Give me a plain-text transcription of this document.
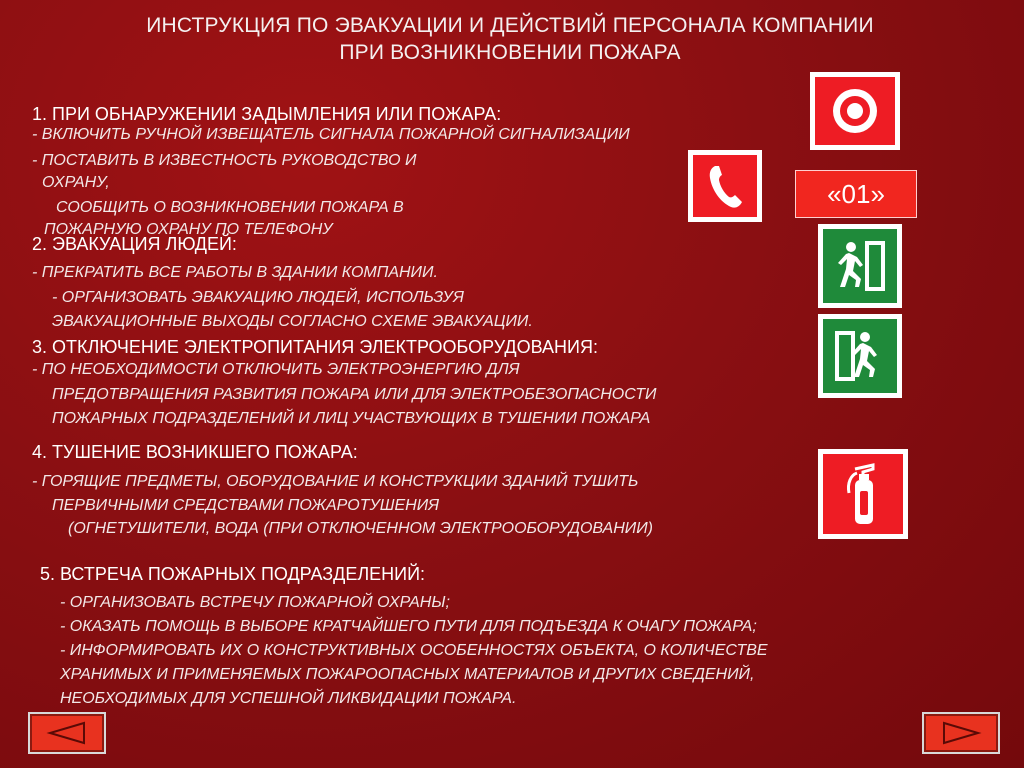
ИНСТРУКЦИЯ ПО ЭВАКУАЦИИ И ДЕЙСТВИЙ ПЕРСОНАЛА КОМПАНИИ
ПРИ ВОЗНИКНОВЕНИИ ПОЖАРА
1. ПРИ ОБНАРУЖЕНИИ ЗАДЫМЛЕНИЯ ИЛИ ПОЖАРА:
- ВКЛЮЧИТЬ РУЧНОЙ ИЗВЕЩАТЕЛЬ СИГНАЛА ПОЖАРНОЙ СИГНАЛИЗАЦИИ
- ПОСТАВИТЬ В ИЗВЕСТНОСТЬ РУКОВОДСТВО И
ОХРАНУ,
СООБЩИТЬ О ВОЗНИКНОВЕНИИ ПОЖАРА В
ПОЖАРНУЮ ОХРАНУ ПО ТЕЛЕФОНУ
2. ЭВАКУАЦИЯ ЛЮДЕЙ:
- ПРЕКРАТИТЬ ВСЕ РАБОТЫ В ЗДАНИИ КОМПАНИИ.
- ОРГАНИЗОВАТЬ ЭВАКУАЦИЮ ЛЮДЕЙ, ИСПОЛЬЗУЯ
ЭВАКУАЦИОННЫЕ ВЫХОДЫ СОГЛАСНО СХЕМЕ ЭВАКУАЦИИ.
3. ОТКЛЮЧЕНИЕ ЭЛЕКТРОПИТАНИЯ ЭЛЕКТРООБОРУДОВАНИЯ:
- ПО НЕОБХОДИМОСТИ ОТКЛЮЧИТЬ ЭЛЕКТРОЭНЕРГИЮ ДЛЯ
ПРЕДОТВРАЩЕНИЯ РАЗВИТИЯ ПОЖАРА ИЛИ ДЛЯ ЭЛЕКТРОБЕЗОПАСНОСТИ
ПОЖАРНЫХ ПОДРАЗДЕЛЕНИЙ И ЛИЦ УЧАСТВУЮЩИХ В ТУШЕНИИ ПОЖАРА
4. ТУШЕНИЕ ВОЗНИКШЕГО ПОЖАРА:
- ГОРЯЩИЕ ПРЕДМЕТЫ, ОБОРУДОВАНИЕ И КОНСТРУКЦИИ ЗДАНИЙ ТУШИТЬ
ПЕРВИЧНЫМИ СРЕДСТВАМИ ПОЖАРОТУШЕНИЯ
(ОГНЕТУШИТЕЛИ, ВОДА (ПРИ ОТКЛЮЧЕННОМ ЭЛЕКТРООБОРУДОВАНИИ)
5. ВСТРЕЧА ПОЖАРНЫХ ПОДРАЗДЕЛЕНИЙ:
- ОРГАНИЗОВАТЬ ВСТРЕЧУ ПОЖАРНОЙ ОХРАНЫ;
- ОКАЗАТЬ ПОМОЩЬ В ВЫБОРЕ КРАТЧАЙШЕГО ПУТИ ДЛЯ ПОДЪЕЗДА К ОЧАГУ ПОЖАРА;
- ИНФОРМИРОВАТЬ ИХ О КОНСТРУКТИВНЫХ ОСОБЕННОСТЯХ ОБЪЕКТА, О КОЛИЧЕСТВЕ
ХРАНИМЫХ И ПРИМЕНЯЕМЫХ ПОЖАРООПАСНЫХ МАТЕРИАЛОВ И ДРУГИХ СВЕДЕНИЙ,
НЕОБХОДИМЫХ ДЛЯ УСПЕШНОЙ ЛИКВИДАЦИИ ПОЖАРА.
«01»
